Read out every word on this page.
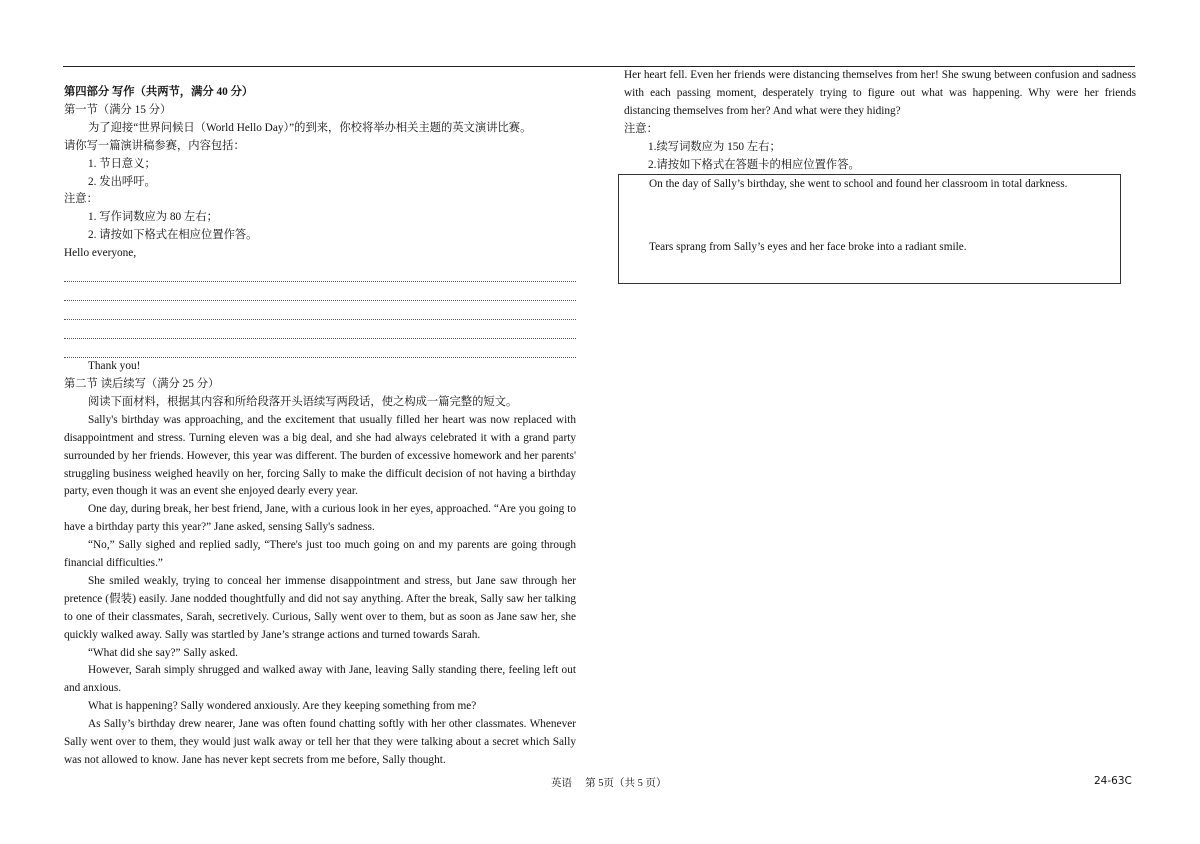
第四部分 写作（共两节，满分 40 分）
第一节（满分 15 分）
为了迎接“世界问候日（World Hello Day）”的到来，你校将举办相关主题的英文演讲比赛。
请你写一篇演讲稿参赛，内容包括：
1. 节日意义；
2. 发出呼吁。
注意：
1. 写作词数应为 80 左右；
2. 请按如下格式在相应位置作答。
Hello everyone,
Thank you!
第二节 读后续写（满分 25 分）
阅读下面材料，根据其内容和所给段落开头语续写两段话，使之构成一篇完整的短文。
Sally's birthday was approaching, and the excitement that usually filled her heart was now replaced with disappointment and stress. Turning eleven was a big deal, and she had always celebrated it with a grand party surrounded by her friends. However, this year was different. The burden of excessive homework and her parents' struggling business weighed heavily on her, forcing Sally to make the difficult decision of not having a birthday party, even though it was an event she enjoyed dearly every year.
One day, during break, her best friend, Jane, with a curious look in her eyes, approached. “Are you going to have a birthday party this year?” Jane asked, sensing Sally's sadness.
“No,” Sally sighed and replied sadly, “There's just too much going on and my parents are going through financial difficulties.”
She smiled weakly, trying to conceal her immense disappointment and stress, but Jane saw through her pretence (假装) easily. Jane nodded thoughtfully and did not say anything. After the break, Sally saw her talking to one of their classmates, Sarah, secretively. Curious, Sally went over to them, but as soon as Jane saw her, she quickly walked away. Sally was startled by Jane’s strange actions and turned towards Sarah.
“What did she say?” Sally asked.
However, Sarah simply shrugged and walked away with Jane, leaving Sally standing there, feeling left out and anxious.
What is happening? Sally wondered anxiously. Are they keeping something from me?
As Sally’s birthday drew nearer, Jane was often found chatting softly with her other classmates. Whenever Sally went over to them, they would just walk away or tell her that they were talking about a secret which Sally was not allowed to know. Jane has never kept secrets from me before, Sally thought.
Her heart fell. Even her friends were distancing themselves from her! She swung between confusion and sadness with each passing moment, desperately trying to figure out what was happening. Why were her friends distancing themselves from her? And what were they hiding?
注意：
1.续写词数应为 150 左右；
2.请按如下格式在答题卡的相应位置作答。
On the day of Sally’s birthday, she went to school and found her classroom in total darkness.
Tears sprang from Sally’s eyes and her face broke into a radiant smile.
英语　 第 5页（共 5 页）	24-63C
